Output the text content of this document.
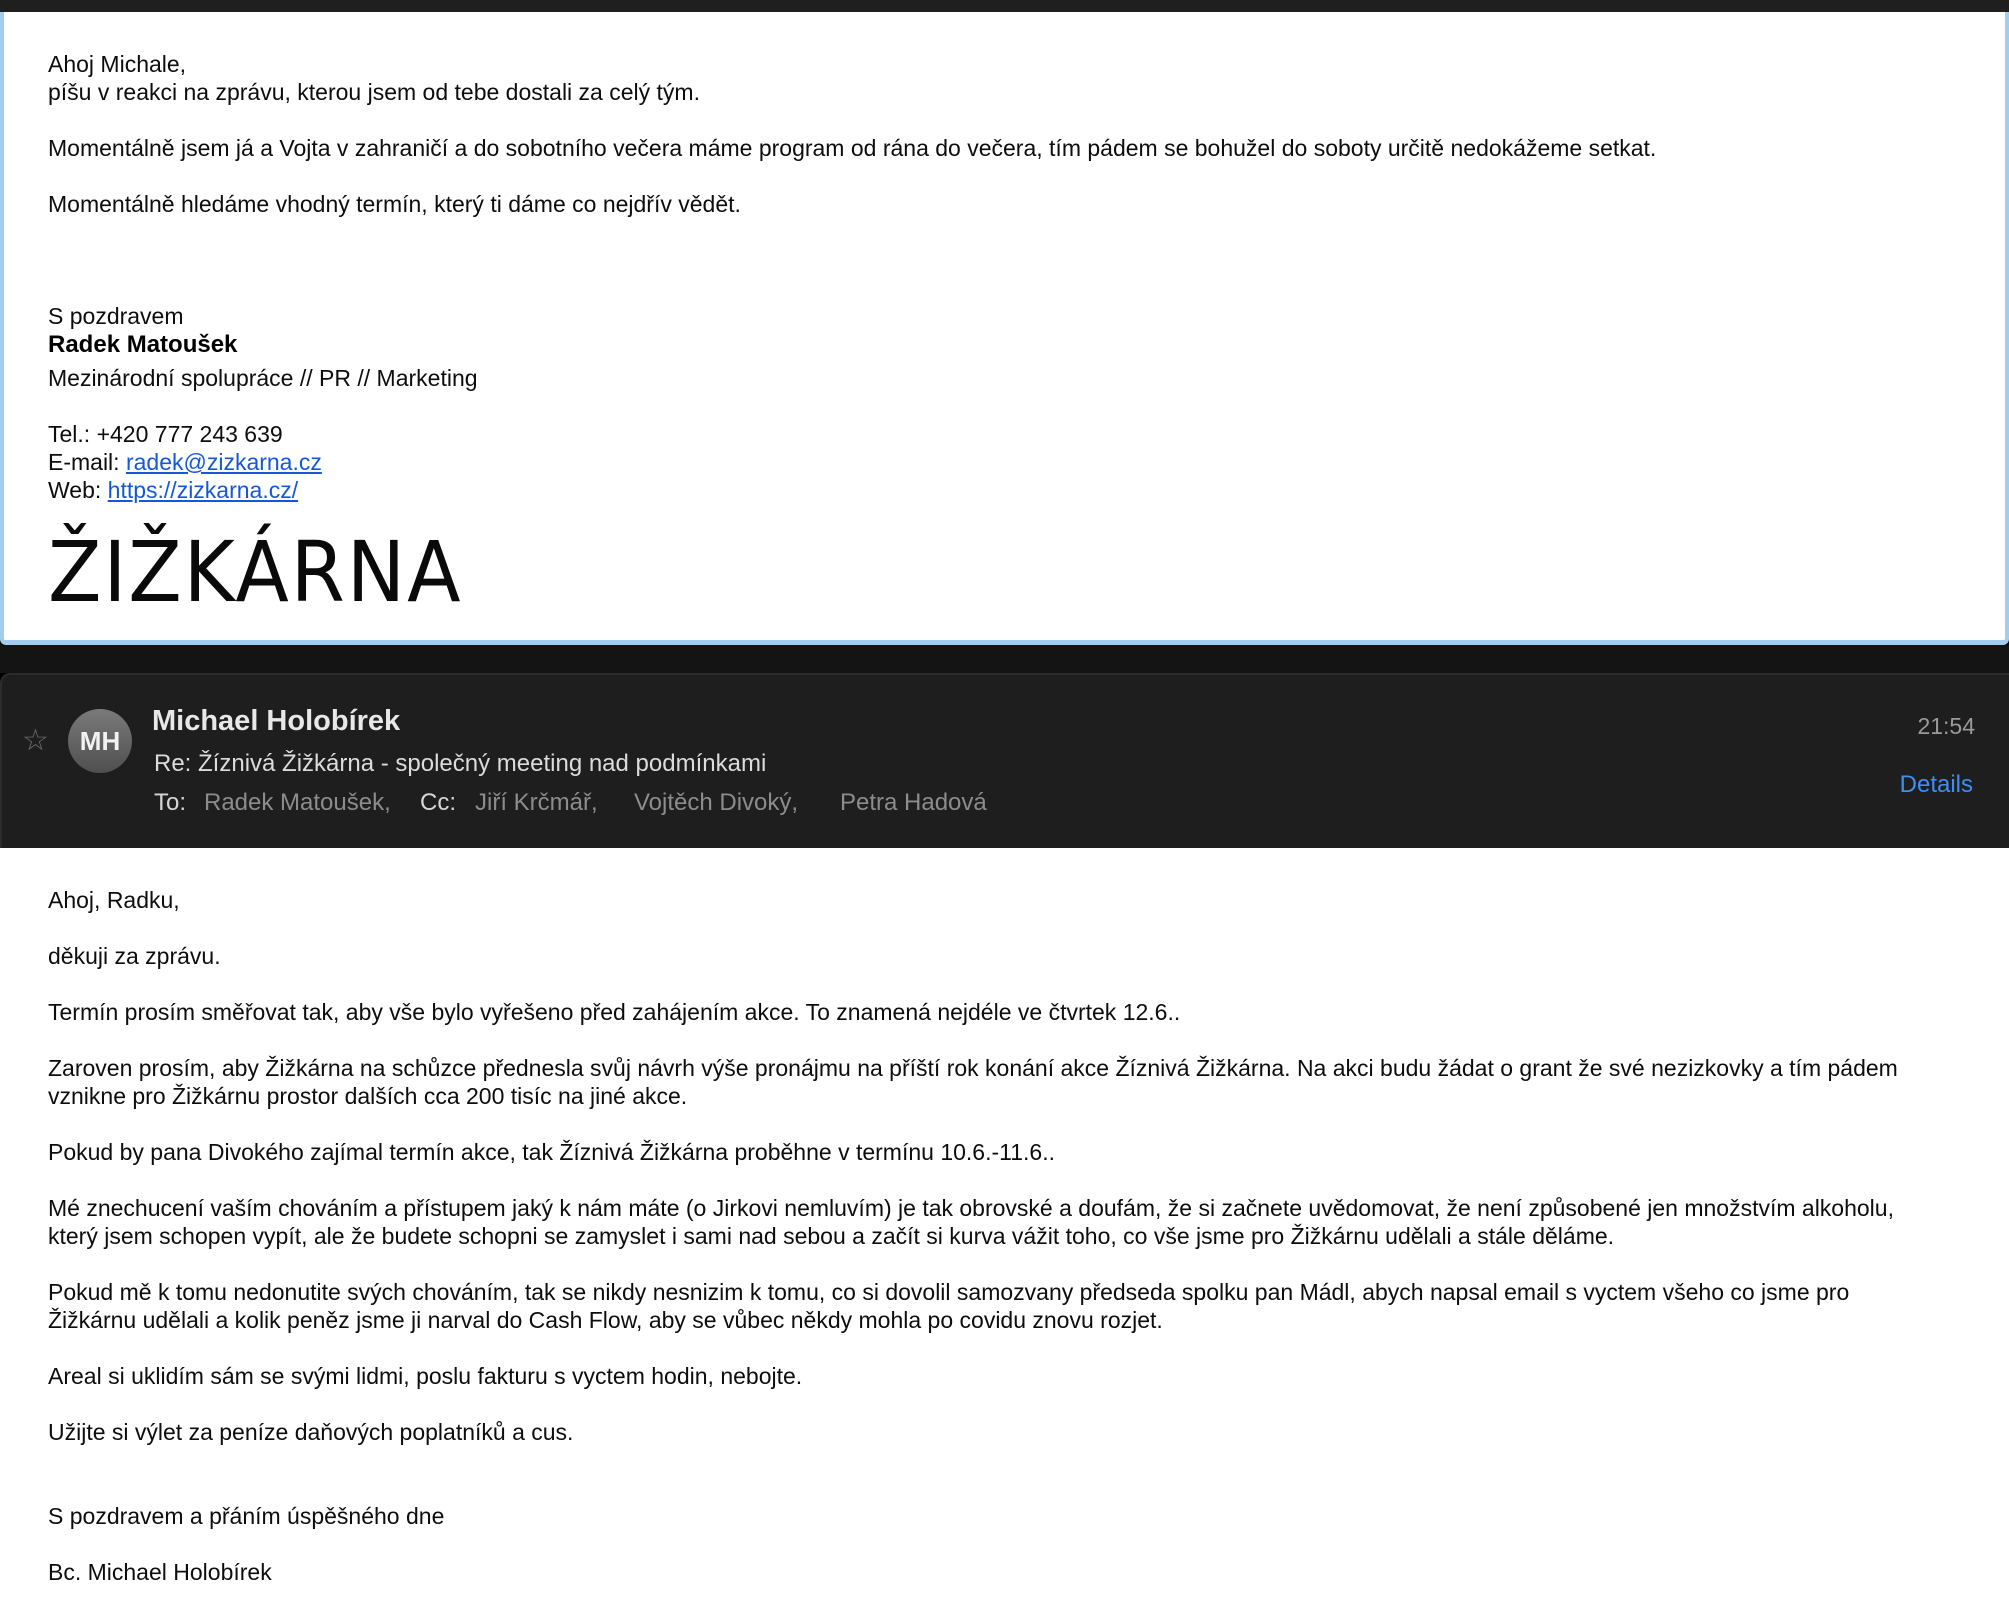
Ahoj Michale,
píšu v reakci na zprávu, kterou jsem od tebe dostali za celý tým.
Momentálně jsem já a Vojta v zahraničí a do sobotního večera máme program od rána do večera, tím pádem se bohužel do soboty určitě nedokážeme setkat.
Momentálně hledáme vhodný termín, který ti dáme co nejdřív vědět.
S pozdravem
Radek Matoušek
Mezinárodní spolupráce // PR // Marketing
Tel.: +420 777 243 639
E-mail: radek@zizkarna.cz
Web: https://zizkarna.cz/
ŽIŽKÁRNA
☆	MH
Michael Holobírek
Re: Žíznivá Žižkárna - společný meeting nad podmínkami
To: Radek Matoušek, Cc: Jiří Krčmář, Vojtěch Divoký, Petra Hadová
21:54
Details
Ahoj, Radku,
děkuji za zprávu.
Termín prosím směřovat tak, aby vše bylo vyřešeno před zahájením akce. To znamená nejdéle ve čtvrtek 12.6..
Zaroven prosím, aby Žižkárna na schůzce přednesla svůj návrh výše pronájmu na příští rok konání akce Žíznivá Žižkárna. Na akci budu žádat o grant že své nezizkovky a tím pádem
vznikne pro Žižkárnu prostor dalších cca 200 tisíc na jiné akce.
Pokud by pana Divokého zajímal termín akce, tak Žíznivá Žižkárna proběhne v termínu 10.6.-11.6..
Mé znechucení vaším chováním a přístupem jaký k nám máte (o Jirkovi nemluvím) je tak obrovské a doufám, že si začnete uvědomovat, že není způsobené jen množstvím alkoholu,
který jsem schopen vypít, ale že budete schopni se zamyslet i sami nad sebou a začít si kurva vážit toho, co vše jsme pro Žižkárnu udělali a stále děláme.
Pokud mě k tomu nedonutite svých chováním, tak se nikdy nesnizim k tomu, co si dovolil samozvany předseda spolku pan Mádl, abych napsal email s vyctem všeho co jsme pro
Žižkárnu udělali a kolik peněz jsme ji narval do Cash Flow, aby se vůbec někdy mohla po covidu znovu rozjet.
Areal si uklidím sám se svými lidmi, poslu fakturu s vyctem hodin, nebojte.
Užijte si výlet za peníze daňových poplatníků a cus.
S pozdravem a přáním úspěšného dne
Bc. Michael Holobírek
